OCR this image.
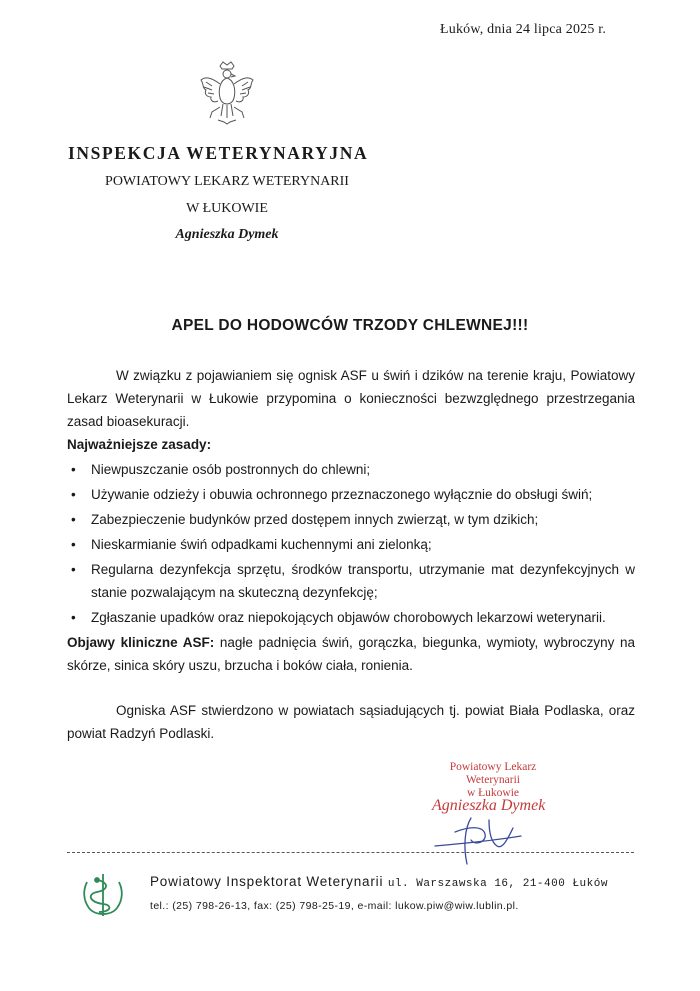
Łuków, dnia 24 lipca 2025 r.
INSPEKCJA WETERYNARYJNA
POWIATOWY LEKARZ WETERYNARII
W ŁUKOWIE
Agnieszka Dymek
APEL DO HODOWCÓW TRZODY CHLEWNEJ!!!

W związku z pojawianiem się ognisk ASF u świń i dzików na terenie kraju, Powiatowy Lekarz Weterynarii w Łukowie przypomina o konieczności bezwzględnego przestrzegania zasad bioasekuracji.

Najważniejsze zasady:

• Niewpuszczanie osób postronnych do chlewni;
• Używanie odzieży i obuwia ochronnego przeznaczonego wyłącznie do obsługi świń;
• Zabezpieczenie budynków przed dostępem innych zwierząt, w tym dzikich;
• Nieskarmianie świń odpadkami kuchennymi ani zielonką;
• Regularna dezynfekcja sprzętu, środków transportu, utrzymanie mat dezynfekcyjnych w stanie pozwalającym na skuteczną dezynfekcję;
• Zgłaszanie upadków oraz niepokojących objawów chorobowych lekarzowi weterynarii.

Objawy kliniczne ASF: nagłe padnięcia świń, gorączka, biegunka, wymioty, wybroczyny na skórze, sinica skóry uszu, brzucha i boków ciała, ronienia.

Ogniska ASF stwierdzono w powiatach sąsiadujących tj. powiat Biała Podlaska, oraz powiat Radzyń Podlaski.

Powiatowy Lekarz Weterynarii
w Łukowie
Agnieszka Dymek
Powiatowy Inspektorat Weterynarii ul. Warszawska 16, 21-400 Łuków
tel.: (25) 798-26-13, fax: (25) 798-25-19, e-mail: lukow.piw@wiw.lublin.pl.
